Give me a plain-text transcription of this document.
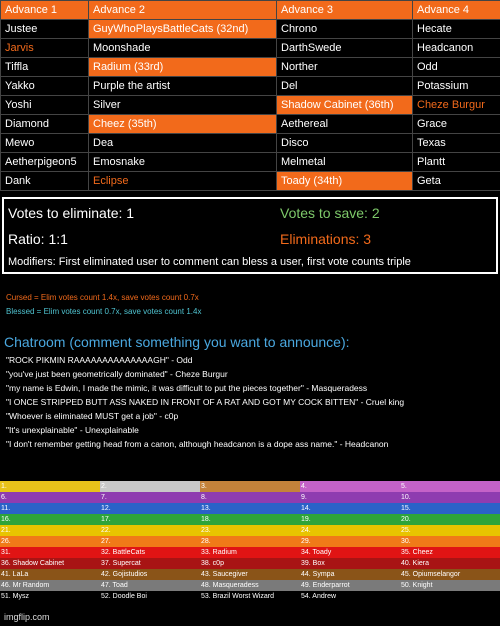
Advance 1	Advance 2	Advance 3	Advance 4
Justee	GuyWhoPlaysBattleCats (32nd)	Chrono	Hecate
Jarvis	Moonshade	DarthSwede	Headcanon
Tiffla	Radium (33rd)	Norther	Odd
Yakko	Purple the artist	Del	Potassium
Yoshi	Silver	Shadow Cabinet (36th)	Cheze Burgur
Diamond	Cheez (35th)	Aethereal	Grace
Mewo	Dea	Disco	Texas
Aetherpigeon5	Emosnake	Melmetal	Plantt
Dank	Eclipse	Toady (34th)	Geta
Votes to eliminate: 1	Votes to save: 2
Ratio: 1:1	Eliminations: 3
Modifiers: First eliminated user to comment can bless a user, first vote counts triple
Cursed = Elim votes count 1.4x, save votes count 0.7x
Blessed = Elim votes count 0.7x, save votes count 1.4x
Chatroom (comment something you want to announce):
"ROCK PIKMIN RAAAAAAAAAAAAAAGH" - Odd
"you've just been geometrically dominated" - Cheze Burgur
"my name is Edwin, I made the mimic, it was difficult to put the pieces together" - Masqueradess
"I ONCE STRIPPED BUTT ASS NAKED IN FRONT OF A RAT AND GOT MY COCK BITTEN" - Cruel king
"Whoever is eliminated MUST get a job" - c0p
"It's unexplainable" - Unexplainable
"I don't remember getting head from a canon, although headcanon is a dope ass name." - Headcanon
1.	2.	3.	4.	5.
6.	7.	8.	9.	10.
11.	12.	13.	14.	15.
16.	17.	18.	19.	20.
21.	22.	23.	24.	25.
26.	27.	28.	29.	30.
31.	32. BattleCats	33. Radium	34. Toady	35. Cheez
36. Shadow Cabinet	37. Supercat	38. c0p	39. Box	40. Kiera
41. LaLa	42. Gojistudios	43. Saucegiver	44. Sympa	45. Opiumselangor
46. Mr Random	47. Toad	48. Masqueradess	49. Enderparrot	50. Knight
51. Mysz	52. Doodle Boi	53. Brazil Worst Wizard	54. Andrew
imgflip.com
